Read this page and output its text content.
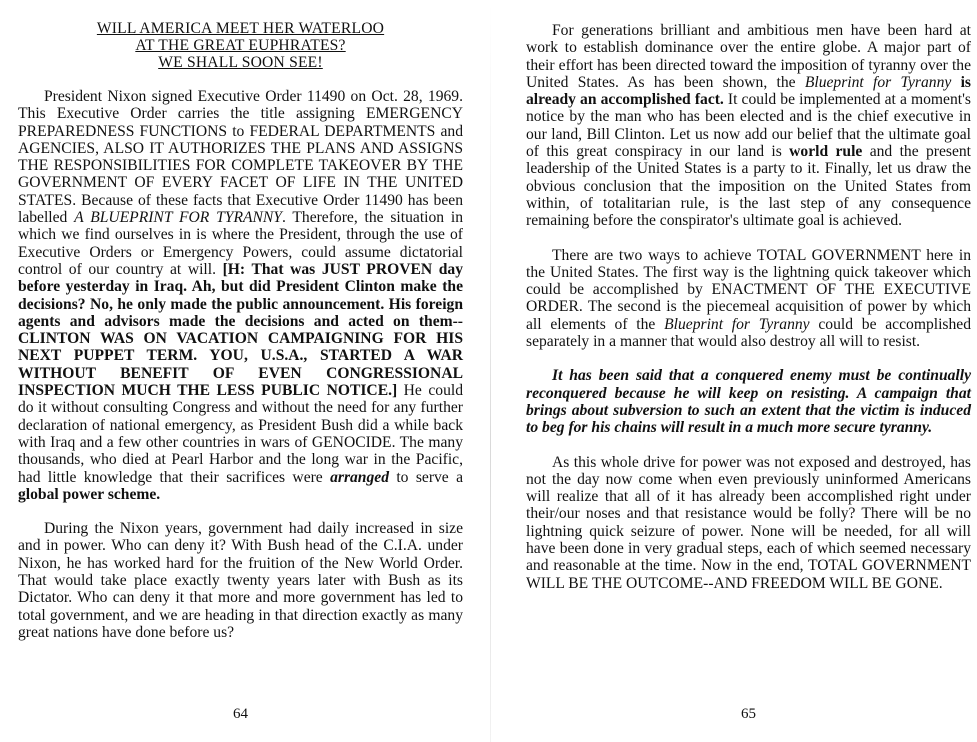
WILL AMERICA MEET HER WATERLOO
AT THE GREAT EUPHRATES?
WE SHALL SOON SEE!

President Nixon signed Executive Order 11490 on Oct. 28, 1969. This Executive Order carries the title assigning EMERGENCY PREPAREDNESS FUNCTIONS to FEDERAL DEPARTMENTS and AGENCIES, ALSO IT AUTHORIZES THE PLANS AND ASSIGNS THE RESPONSIBILITIES FOR COMPLETE TAKEOVER BY THE GOVERNMENT OF EVERY FACET OF LIFE IN THE UNITED STATES. Because of these facts that Executive Order 11490 has been labelled A BLUEPRINT FOR TYRANNY. Therefore, the situation in which we find ourselves in is where the President, through the use of Executive Orders or Emergency Powers, could assume dictatorial control of our country at will. [H: That was JUST PROVEN day before yesterday in Iraq. Ah, but did President Clinton make the decisions? No, he only made the public announcement. His foreign agents and advisors made the decisions and acted on them--CLINTON WAS ON VACATION CAMPAIGNING FOR HIS NEXT PUPPET TERM. YOU, U.S.A., STARTED A WAR WITHOUT BENEFIT OF EVEN CONGRESSIONAL INSPECTION MUCH THE LESS PUBLIC NOTICE.] He could do it without consulting Congress and without the need for any further declaration of national emergency, as President Bush did a while back with Iraq and a few other countries in wars of GENOCIDE. The many thousands, who died at Pearl Harbor and the long war in the Pacific, had little knowledge that their sacrifices were arranged to serve a global power scheme.

During the Nixon years, government had daily increased in size and in power. Who can deny it? With Bush head of the C.I.A. under Nixon, he has worked hard for the fruition of the New World Order. That would take place exactly twenty years later with Bush as its Dictator. Who can deny it that more and more government has led to total government, and we are heading in that direction exactly as many great nations have done before us?

64

For generations brilliant and ambitious men have been hard at work to establish dominance over the entire globe. A major part of their effort has been directed toward the imposition of tyranny over the United States. As has been shown, the Blueprint for Tyranny is already an accomplished fact. It could be implemented at a moment's notice by the man who has been elected and is the chief executive in our land, Bill Clinton. Let us now add our belief that the ultimate goal of this great conspiracy in our land is world rule and the present leadership of the United States is a party to it. Finally, let us draw the obvious conclusion that the imposition on the United States from within, of totalitarian rule, is the last step of any consequence remaining before the conspirator's ultimate goal is achieved.

There are two ways to achieve TOTAL GOVERNMENT here in the United States. The first way is the lightning quick takeover which could be accomplished by ENACTMENT OF THE EXECUTIVE ORDER. The second is the piecemeal acquisition of power by which all elements of the Blueprint for Tyranny could be accomplished separately in a manner that would also destroy all will to resist.

It has been said that a conquered enemy must be continually reconquered because he will keep on resisting. A campaign that brings about subversion to such an extent that the victim is induced to beg for his chains will result in a much more secure tyranny.

As this whole drive for power was not exposed and destroyed, has not the day now come when even previously uninformed Americans will realize that all of it has already been accomplished right under their/our noses and that resistance would be folly? There will be no lightning quick seizure of power. None will be needed, for all will have been done in very gradual steps, each of which seemed necessary and reasonable at the time. Now in the end, TOTAL GOVERNMENT WILL BE THE OUTCOME--AND FREEDOM WILL BE GONE.

65
